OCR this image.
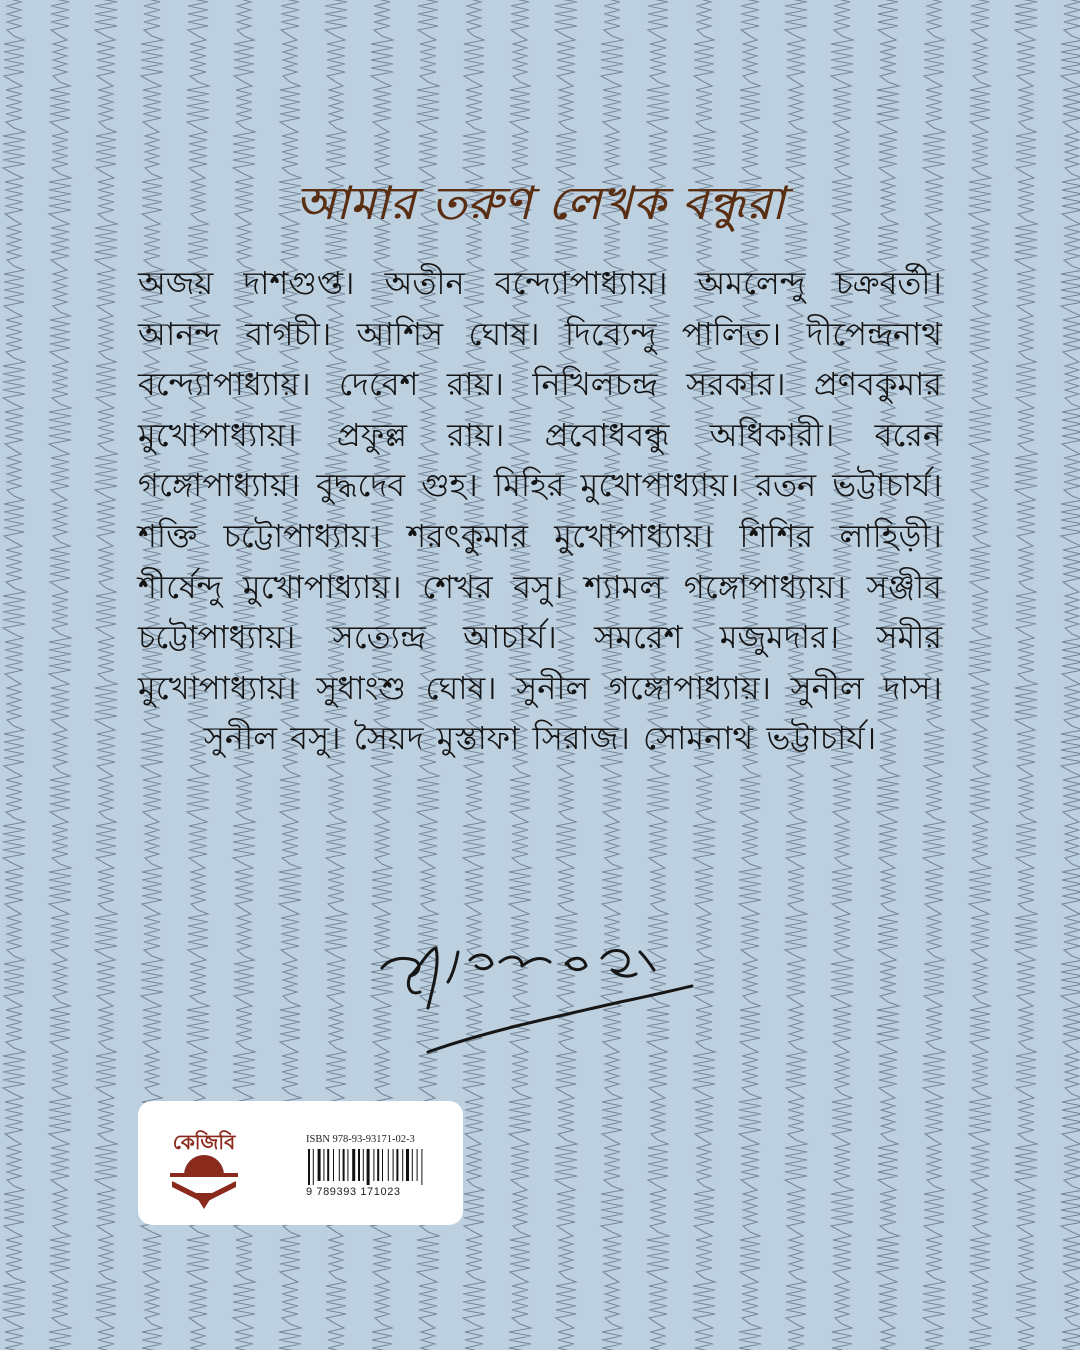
আমার তরুণ লেখক বন্ধুরা
অজয় দাশগুপ্ত। অতীন বন্দ্যোপাধ্যায়। অমলেন্দু চক্রবর্তী। আনন্দ বাগচী। আশিস ঘোষ। দিব্যেন্দু পালিত। দীপেন্দ্রনাথ বন্দ্যোপাধ্যায়। দেবেশ রায়। নিখিলচন্দ্র সরকার। প্রণবকুমার মুখোপাধ্যায়। প্রফুল্ল রায়। প্রবোধবন্ধু অধিকারী। বরেন গঙ্গোপাধ্যায়। বুদ্ধদেব গুহ। মিহির মুখোপাধ্যায়। রতন ভট্টাচার্য। শক্তি চট্টোপাধ্যায়। শরৎকুমার মুখোপাধ্যায়। শিশির লাহিড়ী। শীর্ষেন্দু মুখোপাধ্যায়। শেখর বসু। শ্যামল গঙ্গোপাধ্যায়। সঞ্জীব চট্টোপাধ্যায়। সত্যেন্দ্র আচার্য। সমরেশ মজুমদার। সমীর মুখোপাধ্যায়। সুধাংশু ঘোষ। সুনীল গঙ্গোপাধ্যায়। সুনীল দাস। সুনীল বসু। সৈয়দ মুস্তাফা সিরাজ। সোমনাথ ভট্টাচার্য।
কেজিবি	ISBN 978-93-93171-02-3
9 789393 171023
